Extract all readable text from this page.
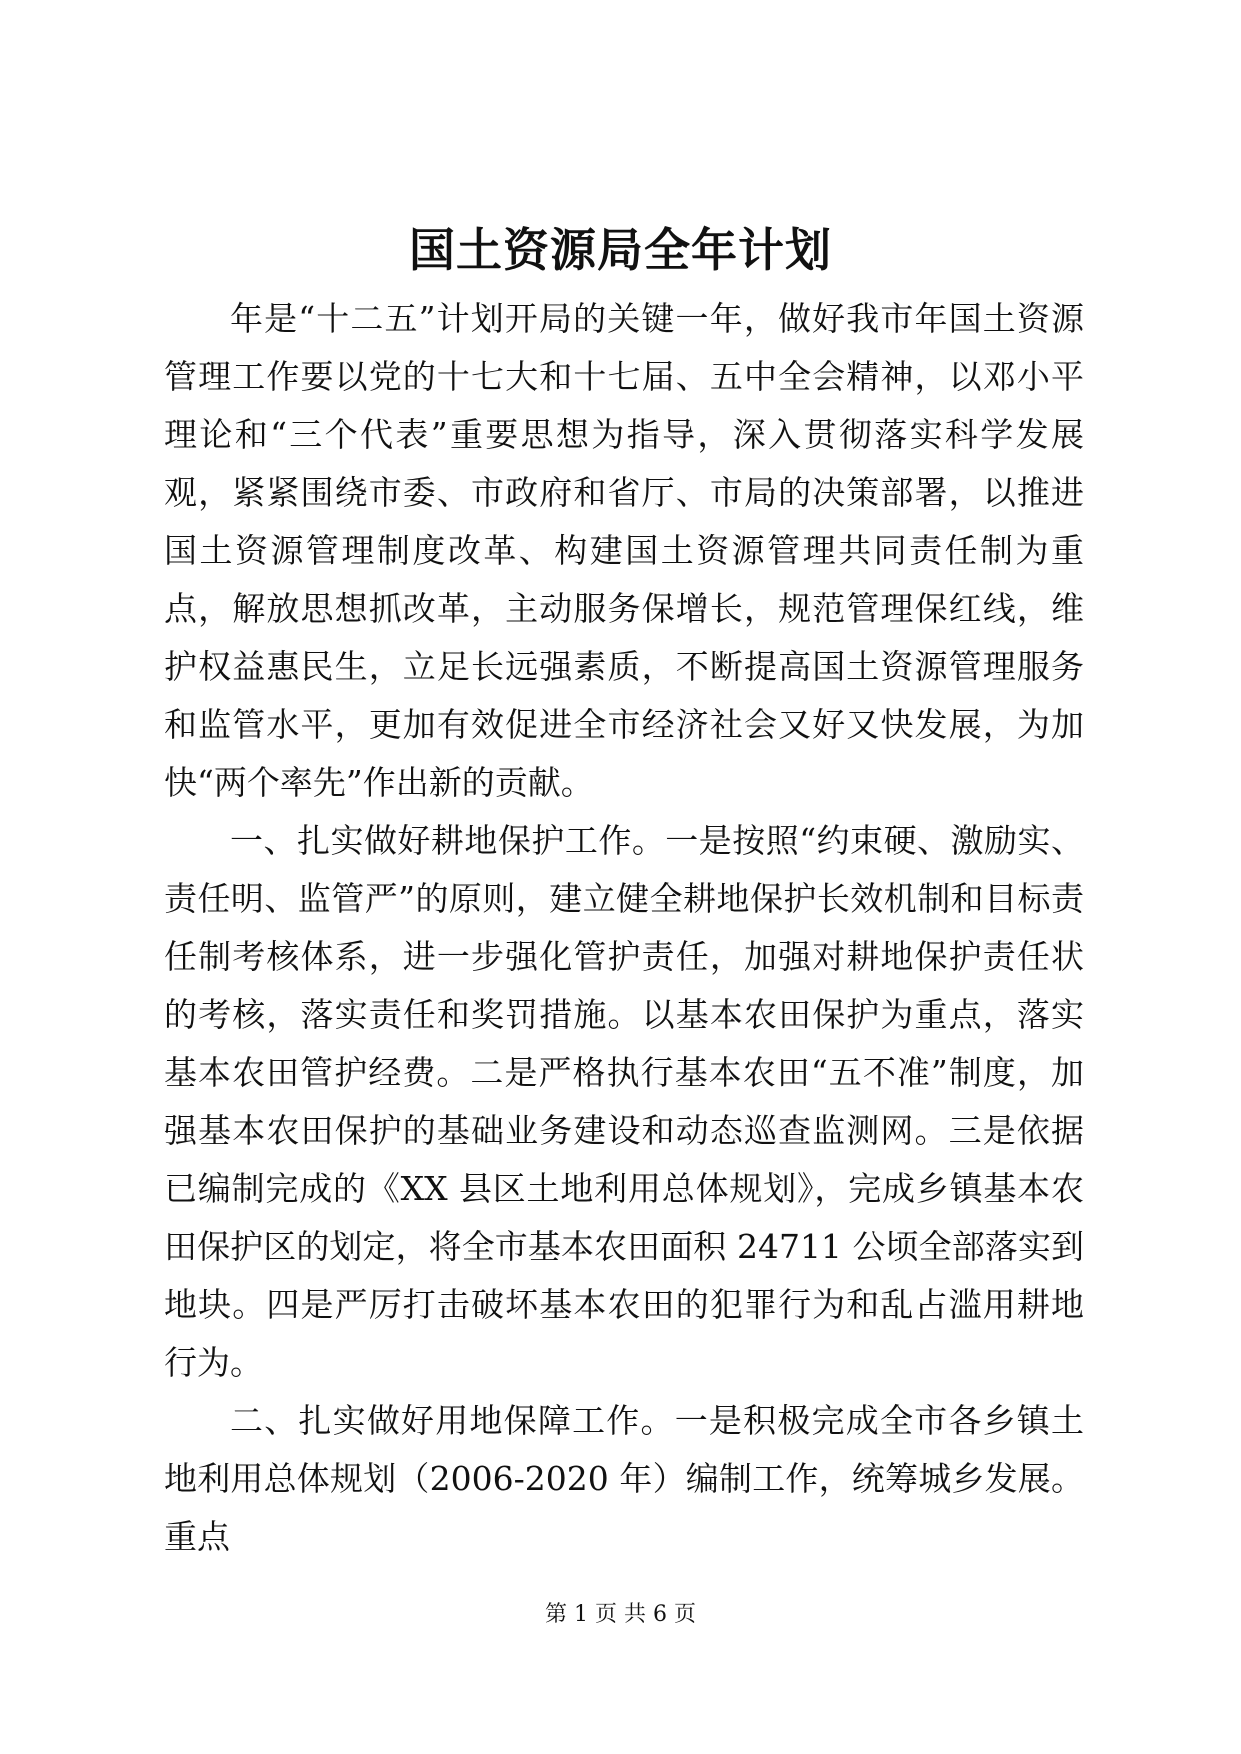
国土资源局全年计划

年是“十二五”计划开局的关键一年，做好我市年国土资源管理工作要以党的十七大和十七届、五中全会精神，以邓小平理论和“三个代表”重要思想为指导，深入贯彻落实科学发展观，紧紧围绕市委、市政府和省厅、市局的决策部署，以推进国土资源管理制度改革、构建国土资源管理共同责任制为重点，解放思想抓改革，主动服务保增长，规范管理保红线，维护权益惠民生，立足长远强素质，不断提高国土资源管理服务和监管水平，更加有效促进全市经济社会又好又快发展，为加快“两个率先”作出新的贡献。

一、扎实做好耕地保护工作。一是按照“约束硬、激励实、责任明、监管严”的原则，建立健全耕地保护长效机制和目标责任制考核体系，进一步强化管护责任，加强对耕地保护责任状的考核，落实责任和奖罚措施。以基本农田保护为重点，落实基本农田管护经费。二是严格执行基本农田“五不准”制度，加强基本农田保护的基础业务建设和动态巡查监测网。三是依据已编制完成的《XX 县区土地利用总体规划》，完成乡镇基本农田保护区的划定，将全市基本农田面积 24711 公顷全部落实到地块。四是严厉打击破坏基本农田的犯罪行为和乱占滥用耕地行为。

二、扎实做好用地保障工作。一是积极完成全市各乡镇土地利用总体规划（2006-2020 年）编制工作，统筹城乡发展。重点

第 1 页 共 6 页
